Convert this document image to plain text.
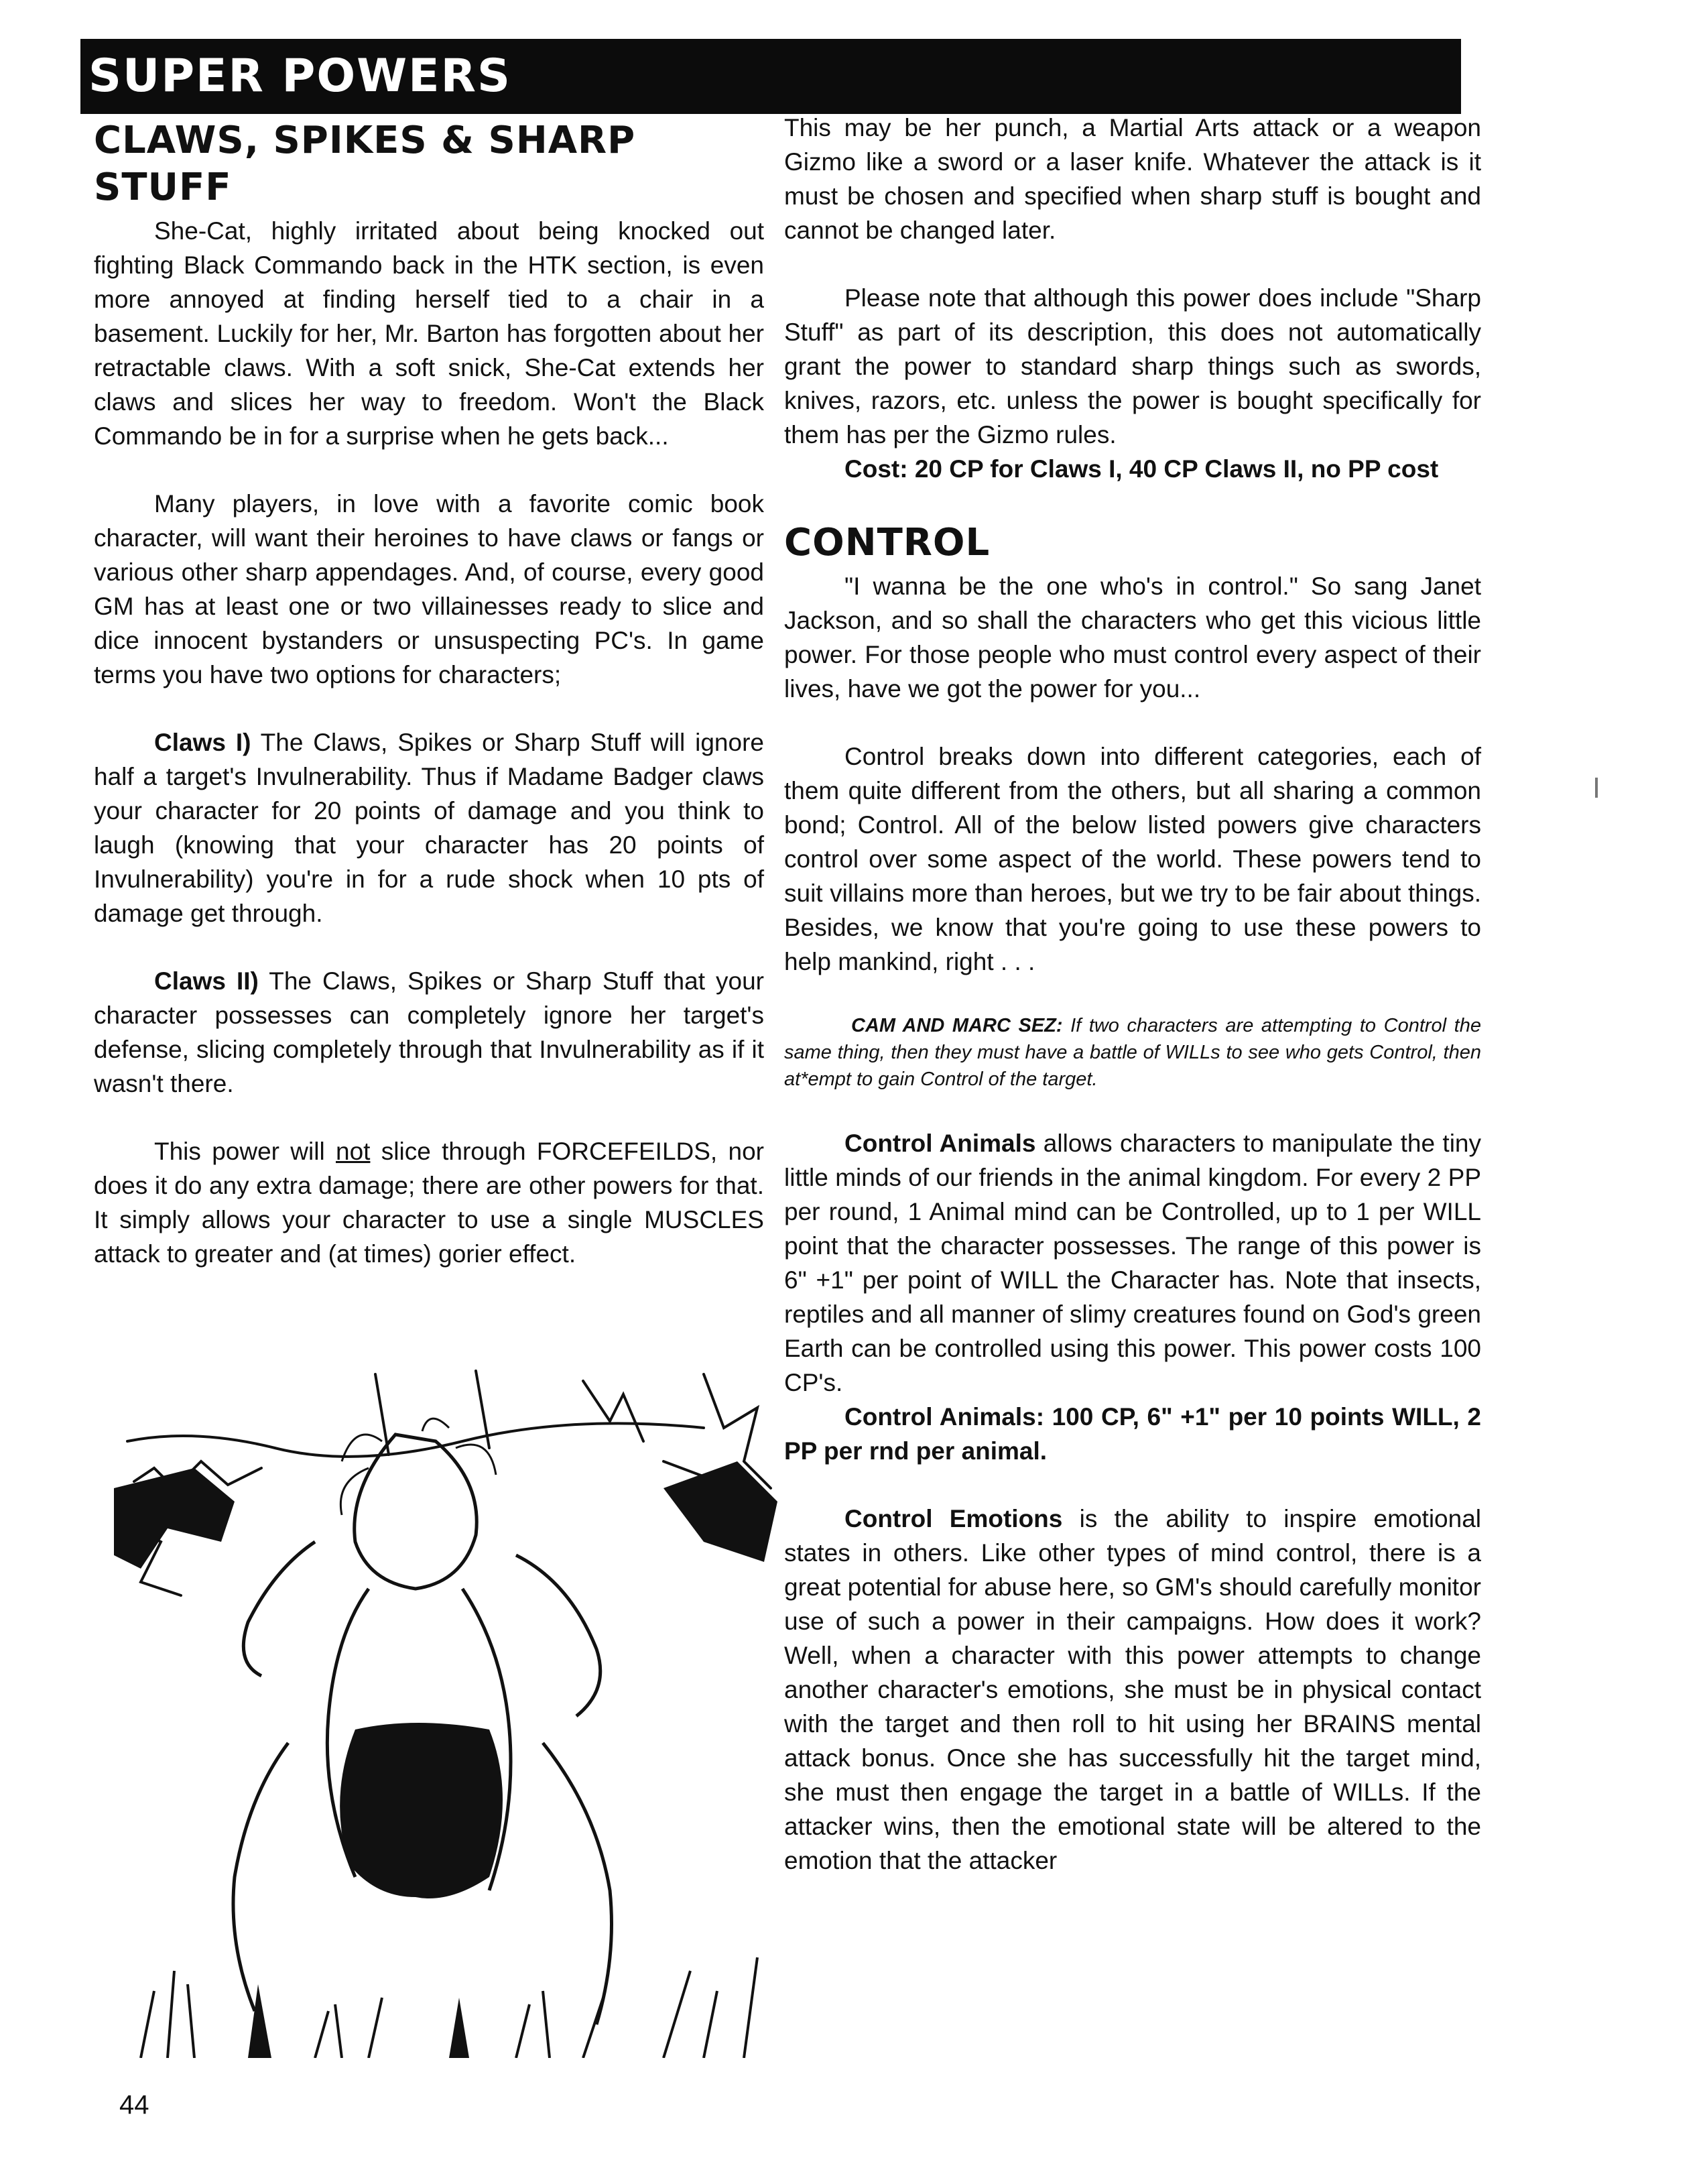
SUPER POWERS
CLAWS, SPIKES & SHARP STUFF

She-Cat, highly irritated about being knocked out fighting Black Commando back in the HTK section, is even more annoyed at finding herself tied to a chair in a basement. Luckily for her, Mr. Barton has forgotten about her retractable claws. With a soft snick, She-Cat extends her claws and slices her way to freedom. Won't the Black Commando be in for a surprise when he gets back...

Many players, in love with a favorite comic book character, will want their heroines to have claws or fangs or various other sharp appendages. And, of course, every good GM has at least one or two villainesses ready to slice and dice innocent bystanders or unsuspecting PC's. In game terms you have two options for characters;

Claws I) The Claws, Spikes or Sharp Stuff will ignore half a target's Invulnerability. Thus if Madame Badger claws your character for 20 points of damage and you think to laugh (knowing that your character has 20 points of Invulnerability) you're in for a rude shock when 10 pts of damage get through.

Claws II) The Claws, Spikes or Sharp Stuff that your character possesses can completely ignore her target's defense, slicing completely through that Invulnerability as if it wasn't there.

This power will not slice through FORCEFEILDS, nor does it do any extra damage; there are other powers for that. It simply allows your character to use a single MUSCLES attack to greater and (at times) gorier effect.

This may be her punch, a Martial Arts attack or a weapon Gizmo like a sword or a laser knife. Whatever the attack is it must be chosen and specified when sharp stuff is bought and cannot be changed later.

Please note that although this power does include "Sharp Stuff" as part of its description, this does not automatically grant the power to standard sharp things such as swords, knives, razors, etc. unless the power is bought specifically for them has per the Gizmo rules.

Cost: 20 CP for Claws I, 40 CP Claws II, no PP cost

CONTROL

"I wanna be the one who's in control." So sang Janet Jackson, and so shall the characters who get this vicious little power. For those people who must control every aspect of their lives, have we got the power for you...

Control breaks down into different categories, each of them quite different from the others, but all sharing a common bond; Control. All of the below listed powers give characters control over some aspect of the world. These powers tend to suit villains more than heroes, but we try to be fair about things. Besides, we know that you're going to use these powers to help mankind, right . . .

CAM AND MARC SEZ: If two characters are attempting to Control the same thing, then they must have a battle of WILLs to see who gets Control, then at*empt to gain Control of the target.

Control Animals allows characters to manipulate the tiny little minds of our friends in the animal kingdom. For every 2 PP per round, 1 Animal mind can be Controlled, up to 1 per WILL point that the character possesses. The range of this power is 6" +1" per point of WILL the Character has. Note that insects, reptiles and all manner of slimy creatures found on God's green Earth can be controlled using this power. This power costs 100 CP's.

Control Animals: 100 CP, 6" +1" per 10 points WILL, 2 PP per rnd per animal.

Control Emotions is the ability to inspire emotional states in others. Like other types of mind control, there is a great potential for abuse here, so GM's should carefully monitor use of such a power in their campaigns. How does it work? Well, when a character with this power attempts to change another character's emotions, she must be in physical contact with the target and then roll to hit using her BRAINS mental attack bonus. Once she has successfully hit the target mind, she must then engage the target in a battle of WILLs. If the attacker wins, then the emotional state will be altered to the emotion that the attacker

44
